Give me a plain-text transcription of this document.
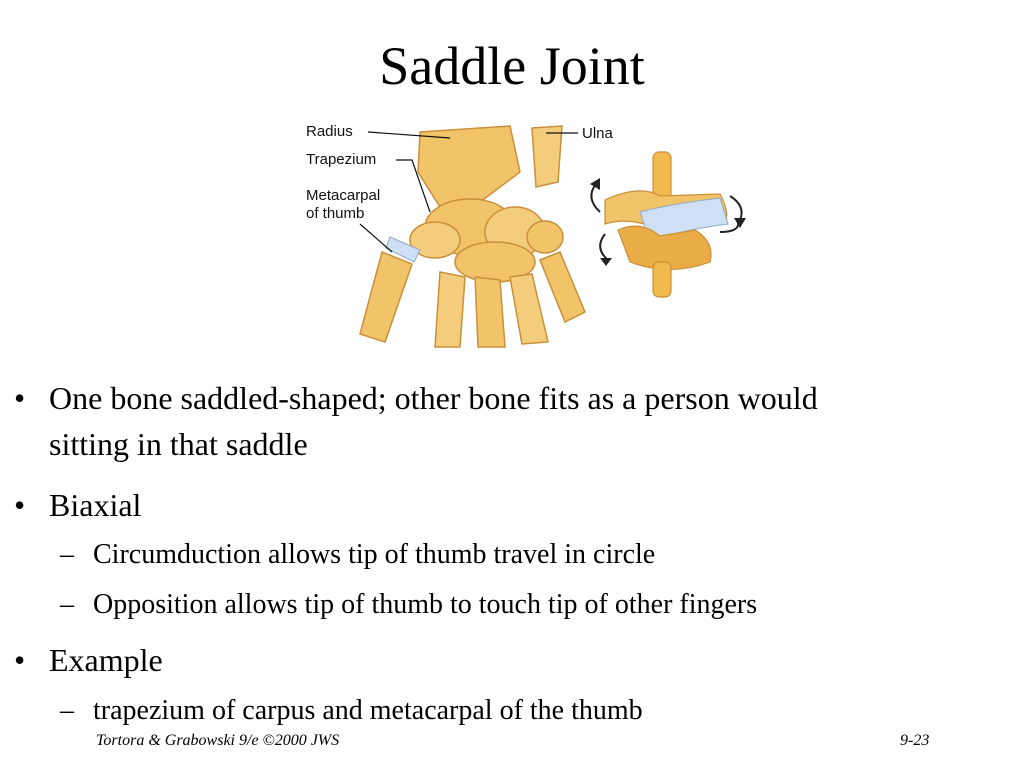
Saddle Joint
Radius	Ulna
Trapezium
Metacarpal
of thumb
• One bone saddled-shaped; other bone fits as a person would
sitting in that saddle
• Biaxial
– Circumduction allows tip of thumb travel in circle
– Opposition allows tip of thumb to touch tip of other fingers
• Example
– trapezium of carpus and metacarpal of the thumb
Tortora & Grabowski 9/e ©2000 JWS	9-23
